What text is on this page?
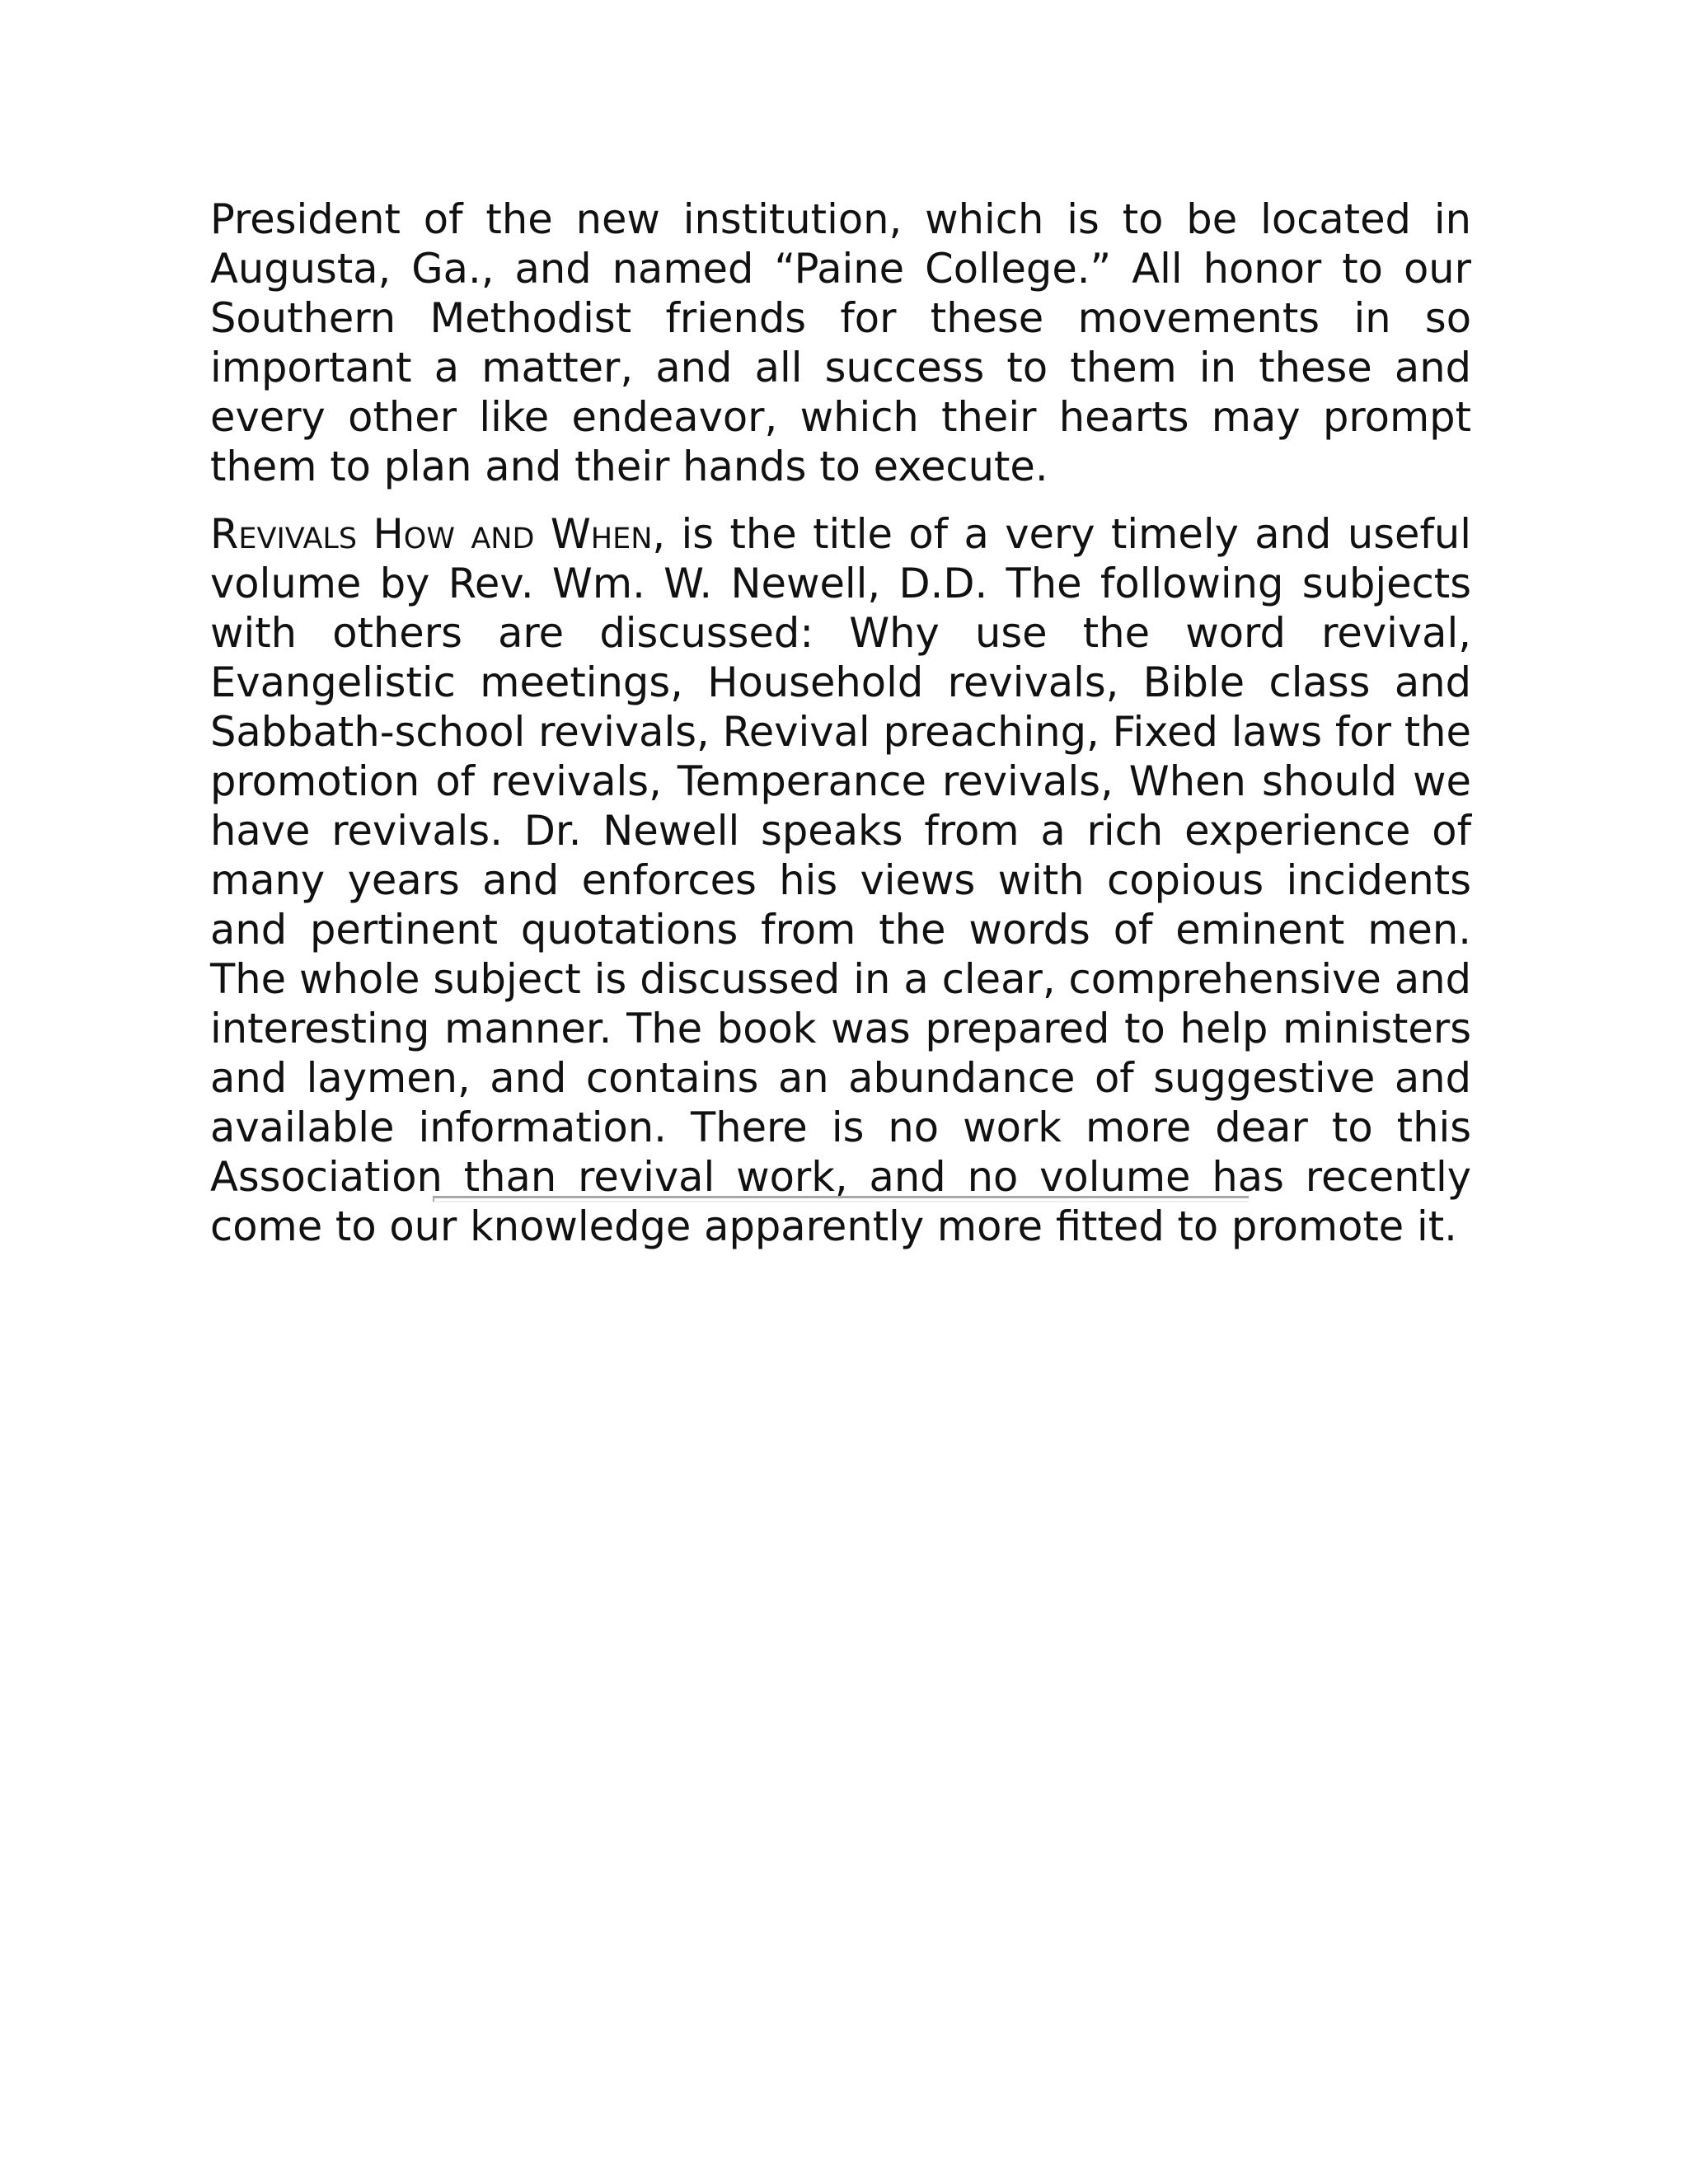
President of the new institution, which is to be located in Augusta, Ga., and named “Paine College.” All honor to our Southern Methodist friends for these movements in so important a matter, and all success to them in these and every other like endeavor, which their hearts may prompt them to plan and their hands to execute.

Revivals How and When, is the title of a very timely and useful volume by Rev. Wm. W. Newell, D.D. The following subjects with others are discussed: Why use the word revival, Evangelistic meetings, Household revivals, Bible class and Sabbath-school revivals, Revival preaching, Fixed laws for the promotion of revivals, Temperance revivals, When should we have revivals. Dr. Newell speaks from a rich experience of many years and enforces his views with copious incidents and pertinent quotations from the words of eminent men. The whole subject is discussed in a clear, comprehensive and interesting manner. The book was prepared to help ministers and laymen, and contains an abundance of suggestive and available information. There is no work more dear to this Association than revival work, and no volume has recently come to our knowledge apparently more fitted to promote it.
